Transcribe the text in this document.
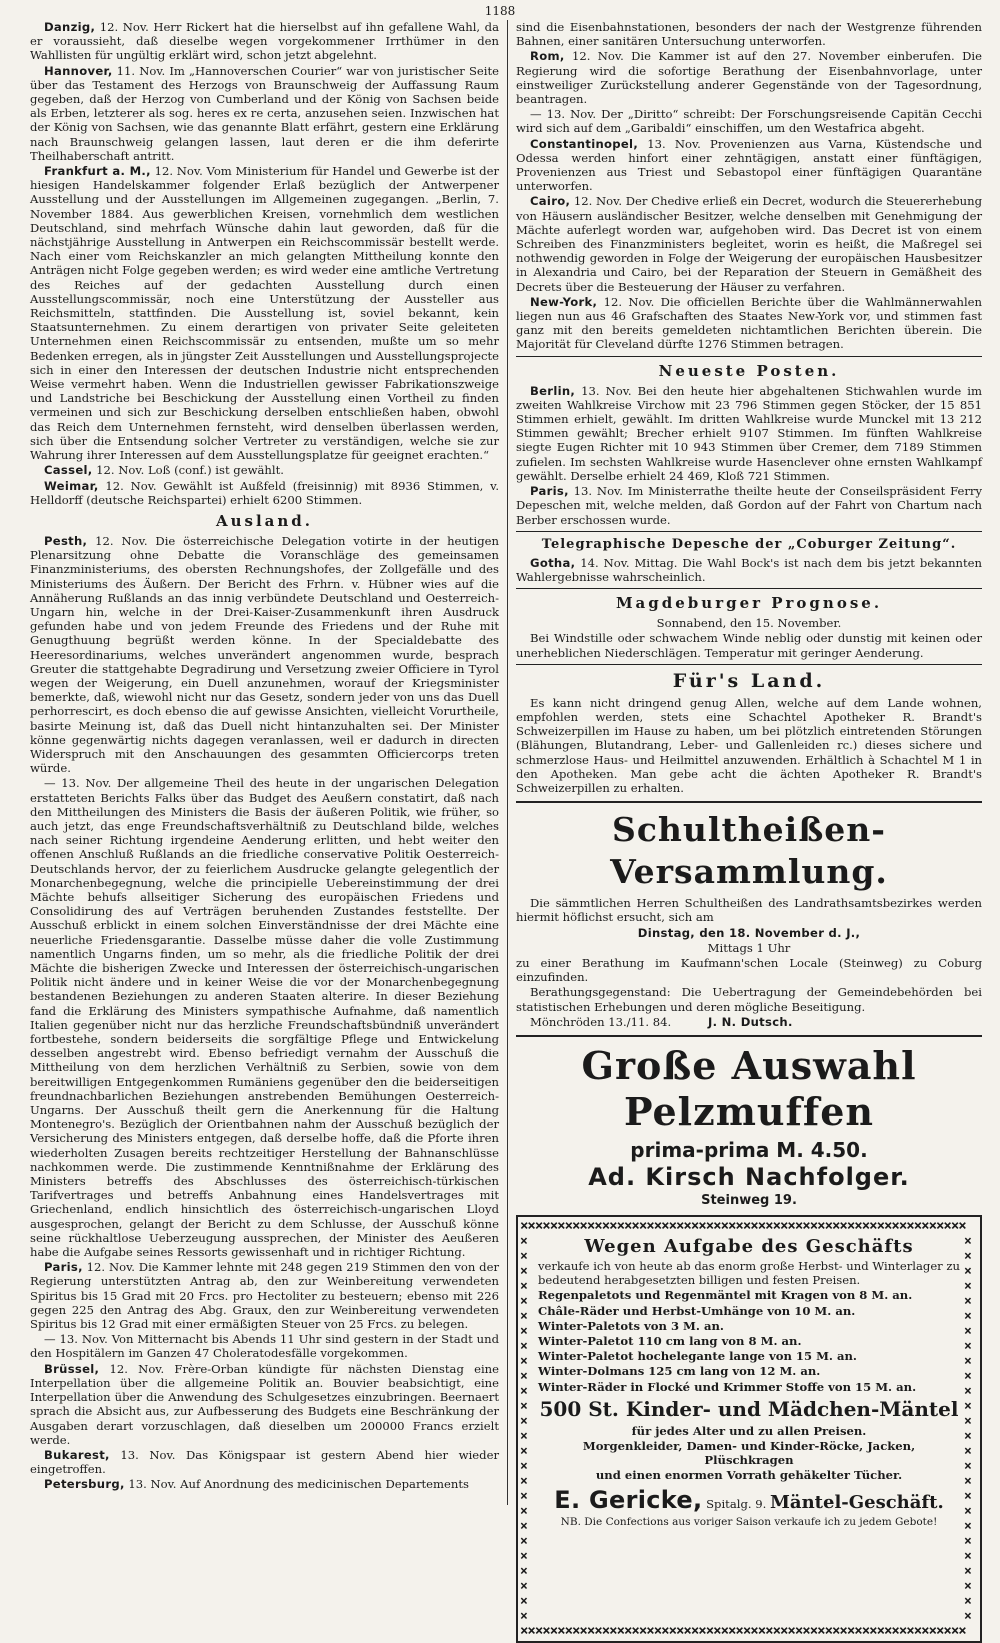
1188

Danzig, 12. Nov. Herr Rickert hat die hierselbst auf ihn gefallene Wahl, da er voraussieht, daß dieselbe wegen vorgekommener Irrthümer in den Wahllisten für ungültig erklärt wird, schon jetzt abgelehnt.

Hannover, 11. Nov. Im „Hannoverschen Courier“ war von juristischer Seite über das Testament des Herzogs von Braunschweig der Auffassung Raum gegeben, daß der Herzog von Cumberland und der König von Sachsen beide als Erben, letzterer als sog. heres ex re certa, anzusehen seien. Inzwischen hat der König von Sachsen, wie das genannte Blatt erfährt, gestern eine Erklärung nach Braunschweig gelangen lassen, laut deren er die ihm deferirte Theilhaberschaft antritt.

Frankfurt a. M., 12. Nov. Vom Ministerium für Handel und Gewerbe ist der hiesigen Handelskammer folgender Erlaß bezüglich der Antwerpener Ausstellung und der Ausstellungen im Allgemeinen zugegangen. „Berlin, 7. November 1884. Aus gewerblichen Kreisen, vornehmlich dem westlichen Deutschland, sind mehrfach Wünsche dahin laut geworden, daß für die nächstjährige Ausstellung in Antwerpen ein Reichscommissär bestellt werde. Nach einer vom Reichskanzler an mich gelangten Mittheilung konnte den Anträgen nicht Folge gegeben werden; es wird weder eine amtliche Vertretung des Reiches auf der gedachten Ausstellung durch einen Ausstellungscommissär, noch eine Unterstützung der Aussteller aus Reichsmitteln, stattfinden. Die Ausstellung ist, soviel bekannt, kein Staatsunternehmen. Zu einem derartigen von privater Seite geleiteten Unternehmen einen Reichscommissär zu entsenden, mußte um so mehr Bedenken erregen, als in jüngster Zeit Ausstellungen und Ausstellungsprojecte sich in einer den Interessen der deutschen Industrie nicht entsprechenden Weise vermehrt haben. Wenn die Industriellen gewisser Fabrikationszweige und Landstriche bei Beschickung der Ausstellung einen Vortheil zu finden vermeinen und sich zur Beschickung derselben entschließen haben, obwohl das Reich dem Unternehmen fernsteht, wird denselben überlassen werden, sich über die Entsendung solcher Vertreter zu verständigen, welche sie zur Wahrung ihrer Interessen auf dem Ausstellungsplatze für geeignet erachten.“

Cassel, 12. Nov. Loß (conf.) ist gewählt.

Weimar, 12. Nov. Gewählt ist Außfeld (freisinnig) mit 8936 Stimmen, v. Helldorff (deutsche Reichspartei) erhielt 6200 Stimmen.

Ausland.

Pesth, 12. Nov. Die österreichische Delegation votirte in der heutigen Plenarsitzung ohne Debatte die Voranschläge des gemeinsamen Finanzministeriums, des obersten Rechnungshofes, der Zollgefälle und des Ministeriums des Äußern. Der Bericht des Frhrn. v. Hübner wies auf die Annäherung Rußlands an das innig verbündete Deutschland und Oesterreich-Ungarn hin, welche in der Drei-Kaiser-Zusammenkunft ihren Ausdruck gefunden habe und von jedem Freunde des Friedens und der Ruhe mit Genugthuung begrüßt werden könne. In der Specialdebatte des Heeresordinariums, welches unverändert angenommen wurde, besprach Greuter die stattgehabte Degradirung und Versetzung zweier Officiere in Tyrol wegen der Weigerung, ein Duell anzunehmen, worauf der Kriegsminister bemerkte, daß, wiewohl nicht nur das Gesetz, sondern jeder von uns das Duell perhorrescirt, es doch ebenso die auf gewisse Ansichten, vielleicht Vorurtheile, basirte Meinung ist, daß das Duell nicht hintanzuhalten sei. Der Minister könne gegenwärtig nichts dagegen veranlassen, weil er dadurch in directen Widerspruch mit den Anschauungen des gesammten Officiercorps treten würde.

— 13. Nov. Der allgemeine Theil des heute in der ungarischen Delegation erstatteten Berichts Falks über das Budget des Aeußern constatirt, daß nach den Mittheilungen des Ministers die Basis der äußeren Politik, wie früher, so auch jetzt, das enge Freundschaftsverhältniß zu Deutschland bilde, welches nach seiner Richtung irgendeine Aenderung erlitten, und hebt weiter den offenen Anschluß Rußlands an die friedliche conservative Politik Oesterreich-Deutschlands hervor, der zu feierlichem Ausdrucke gelangte gelegentlich der Monarchenbegegnung, welche die principielle Uebereinstimmung der drei Mächte behufs allseitiger Sicherung des europäischen Friedens und Consolidirung des auf Verträgen beruhenden Zustandes feststellte. Der Ausschuß erblickt in einem solchen Einverständnisse der drei Mächte eine neuerliche Friedensgarantie. Dasselbe müsse daher die volle Zustimmung namentlich Ungarns finden, um so mehr, als die friedliche Politik der drei Mächte die bisherigen Zwecke und Interessen der österreichisch-ungarischen Politik nicht ändere und in keiner Weise die vor der Monarchenbegegnung bestandenen Beziehungen zu anderen Staaten alterire. In dieser Beziehung fand die Erklärung des Ministers sympathische Aufnahme, daß namentlich Italien gegenüber nicht nur das herzliche Freundschaftsbündniß unverändert fortbestehe, sondern beiderseits die sorgfältige Pflege und Entwickelung desselben angestrebt wird. Ebenso befriedigt vernahm der Ausschuß die Mittheilung von dem herzlichen Verhältniß zu Serbien, sowie von dem bereitwilligen Entgegenkommen Rumäniens gegenüber den die beiderseitigen freundnachbarlichen Beziehungen anstrebenden Bemühungen Oesterreich-Ungarns. Der Ausschuß theilt gern die Anerkennung für die Haltung Montenegro's. Bezüglich der Orientbahnen nahm der Ausschuß bezüglich der Versicherung des Ministers entgegen, daß derselbe hoffe, daß die Pforte ihren wiederholten Zusagen bereits rechtzeitiger Herstellung der Bahnanschlüsse nachkommen werde. Die zustimmende Kenntnißnahme der Erklärung des Ministers betreffs des Abschlusses des österreichisch-türkischen Tarifvertrages und betreffs Anbahnung eines Handelsvertrages mit Griechenland, endlich hinsichtlich des österreichisch-ungarischen Lloyd ausgesprochen, gelangt der Bericht zu dem Schlusse, der Ausschuß könne seine rückhaltlose Ueberzeugung aussprechen, der Minister des Aeußeren habe die Aufgabe seines Ressorts gewissenhaft und in richtiger Richtung.

Paris, 12. Nov. Die Kammer lehnte mit 248 gegen 219 Stimmen den von der Regierung unterstützten Antrag ab, den zur Weinbereitung verwendeten Spiritus bis 15 Grad mit 20 Frcs. pro Hectoliter zu besteuern; ebenso mit 226 gegen 225 den Antrag des Abg. Graux, den zur Weinbereitung verwendeten Spiritus bis 12 Grad mit einer ermäßigten Steuer von 25 Frcs. zu belegen.

— 13. Nov. Von Mitternacht bis Abends 11 Uhr sind gestern in der Stadt und den Hospitälern im Ganzen 47 Choleratodesfälle vorgekommen.

Brüssel, 12. Nov. Frère-Orban kündigte für nächsten Dienstag eine Interpellation über die allgemeine Politik an. Bouvier beabsichtigt, eine Interpellation über die Anwendung des Schulgesetzes einzubringen. Beernaert sprach die Absicht aus, zur Aufbesserung des Budgets eine Beschränkung der Ausgaben derart vorzuschlagen, daß dieselben um 200000 Francs erzielt werde.

Bukarest, 13. Nov. Das Königspaar ist gestern Abend hier wieder eingetroffen.

Petersburg, 13. Nov. Auf Anordnung des medicinischen Departements

sind die Eisenbahnstationen, besonders der nach der Westgrenze führenden Bahnen, einer sanitären Untersuchung unterworfen.

Rom, 12. Nov. Die Kammer ist auf den 27. November einberufen. Die Regierung wird die sofortige Berathung der Eisenbahnvorlage, unter einstweiliger Zurückstellung anderer Gegenstände von der Tagesordnung, beantragen.

— 13. Nov. Der „Diritto“ schreibt: Der Forschungsreisende Capitän Cecchi wird sich auf dem „Garibaldi“ einschiffen, um den Westafrica abgeht.

Constantinopel, 13. Nov. Provenienzen aus Varna, Küstendsche und Odessa werden hinfort einer zehntägigen, anstatt einer fünftägigen, Provenienzen aus Triest und Sebastopol einer fünftägigen Quarantäne unterworfen.

Cairo, 12. Nov. Der Chedive erließ ein Decret, wodurch die Steuererhebung von Häusern ausländischer Besitzer, welche denselben mit Genehmigung der Mächte auferlegt worden war, aufgehoben wird. Das Decret ist von einem Schreiben des Finanzministers begleitet, worin es heißt, die Maßregel sei nothwendig geworden in Folge der Weigerung der europäischen Hausbesitzer in Alexandria und Cairo, bei der Reparation der Steuern in Gemäßheit des Decrets über die Besteuerung der Häuser zu verfahren.

New-York, 12. Nov. Die officiellen Berichte über die Wahlmännerwahlen liegen nun aus 46 Grafschaften des Staates New-York vor, und stimmen fast ganz mit den bereits gemeldeten nichtamtlichen Berichten überein. Die Majorität für Cleveland dürfte 1276 Stimmen betragen.

Neueste Posten.

Berlin, 13. Nov. Bei den heute hier abgehaltenen Stichwahlen wurde im zweiten Wahlkreise Virchow mit 23 796 Stimmen gegen Stöcker, der 15 851 Stimmen erhielt, gewählt. Im dritten Wahlkreise wurde Munckel mit 13 212 Stimmen gewählt; Brecher erhielt 9107 Stimmen. Im fünften Wahlkreise siegte Eugen Richter mit 10 943 Stimmen über Cremer, dem 7189 Stimmen zufielen. Im sechsten Wahlkreise wurde Hasenclever ohne ernsten Wahlkampf gewählt. Derselbe erhielt 24 469, Kloß 721 Stimmen.

Paris, 13. Nov. Im Ministerrathe theilte heute der Conseilspräsident Ferry Depeschen mit, welche melden, daß Gordon auf der Fahrt von Chartum nach Berber erschossen wurde.

Telegraphische Depesche der „Coburger Zeitung“.

Gotha, 14. Nov. Mittag. Die Wahl Bock's ist nach dem bis jetzt bekannten Wahlergebnisse wahrscheinlich.

Magdeburger Prognose.

Sonnabend, den 15. November.

Bei Windstille oder schwachem Winde neblig oder dunstig mit keinen oder unerheblichen Niederschlägen. Temperatur mit geringer Aenderung.

Für's Land.

Es kann nicht dringend genug Allen, welche auf dem Lande wohnen, empfohlen werden, stets eine Schachtel Apotheker R. Brandt's Schweizerpillen im Hause zu haben, um bei plötzlich eintretenden Störungen (Blähungen, Blutandrang, Leber- und Gallenleiden rc.) dieses sichere und schmerzlose Haus- und Heilmittel anzuwenden. Erhältlich à Schachtel M 1 in den Apotheken. Man gebe acht die ächten Apotheker R. Brandt's Schweizerpillen zu erhalten.

Schultheißen-Versammlung.

Die sämmtlichen Herren Schultheißen des Landrathsamtsbezirkes werden hiermit höflichst ersucht, sich am

Dinstag, den 18. November d. J.,

Mittags 1 Uhr

zu einer Berathung im Kaufmann'schen Locale (Steinweg) zu Coburg einzufinden.

Berathungsgegenstand: Die Uebertragung der Gemeindebehörden bei statistischen Erhebungen und deren mögliche Beseitigung.

Mönchröden 13./11. 84.	J. N. Dutsch.

Große Auswahl Pelzmuffen
prima-prima M. 4.50.
Ad. Kirsch Nachfolger.
Steinweg 19.
××××××××××××××××××××××××××××××××××××××××××××××××××××××××××××
× × × × × × × × × × × × × × × × × × × × × × × × × ×
Wegen Aufgabe des Geschäfts

verkaufe ich von heute ab das enorm große Herbst- und Winterlager zu bedeutend herabgesetzten billigen und festen Preisen.

Regenpaletots und Regenmäntel mit Kragen von 8 M. an.

Châle-Räder und Herbst-Umhänge von 10 M. an.

Winter-Paletots von 3 M. an.

Winter-Paletot 110 cm lang von 8 M. an.

Winter-Paletot hochelegante lange von 15 M. an.

Winter-Dolmans 125 cm lang von 12 M. an.

Winter-Räder in Flocké und Krimmer Stoffe von 15 M. an.

500 St. Kinder- und Mädchen-Mäntel

für jedes Alter und zu allen Preisen.

Morgenkleider, Damen- und Kinder-Röcke, Jacken, Plüschkragen

und einen enormen Vorrath gehäkelter Tücher.

E. Gericke, Spitalg. 9. Mäntel-Geschäft.

NB. Die Confections aus voriger Saison verkaufe ich zu jedem Gebote!

× × × × × × × × × × × × × × × × × × × × × × × × × ×
××××××××××××××××××××××××××××××××××××××××××××××××××××××××××××
